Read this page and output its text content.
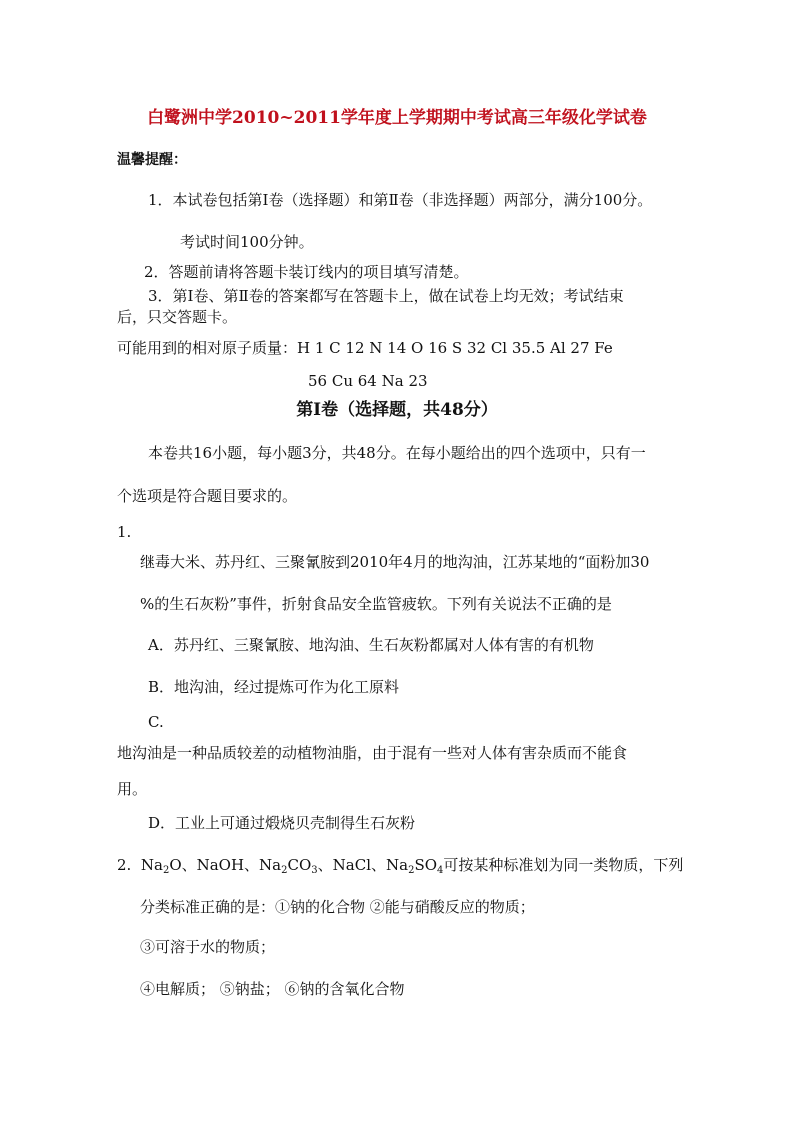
白鹭洲中学2010~2011学年度上学期期中考试高三年级化学试卷
温馨提醒：
1．本试卷包括第Ⅰ卷（选择题）和第Ⅱ卷（非选择题）两部分，满分100分。
考试时间100分钟。
2．答题前请将答题卡装订线内的项目填写清楚。
3．第Ⅰ卷、第Ⅱ卷的答案都写在答题卡上，做在试卷上均无效；考试结束
后，只交答题卡。
可能用到的相对原子质量：H 1 C 12 N 14 O 16 S 32 Cl 35.5 Al 27 Fe
56 Cu 64 Na 23
第Ⅰ卷（选择题，共48分）
本卷共16小题，每小题3分，共48分。在每小题给出的四个选项中，只有一
个选项是符合题目要求的。
1.
继毒大米、苏丹红、三聚氰胺到2010年4月的地沟油，江苏某地的“面粉加30
%的生石灰粉”事件，折射食品安全监管疲软。下列有关说法不正确的是
A．苏丹红、三聚氰胺、地沟油、生石灰粉都属对人体有害的有机物
B．地沟油，经过提炼可作为化工原料
C.
地沟油是一种品质较差的动植物油脂，由于混有一些对人体有害杂质而不能食
用。
D．工业上可通过煅烧贝壳制得生石灰粉
2. $Na_2O$、NaOH、$Na_2CO_3$、NaCl、$Na_2SO_4$可按某种标准划为同一类物质，下列
分类标准正确的是：①钠的化合物 ②能与硝酸反应的物质；
③可溶于水的物质；
④电解质； ⑤钠盐； ⑥钠的含氧化合物
